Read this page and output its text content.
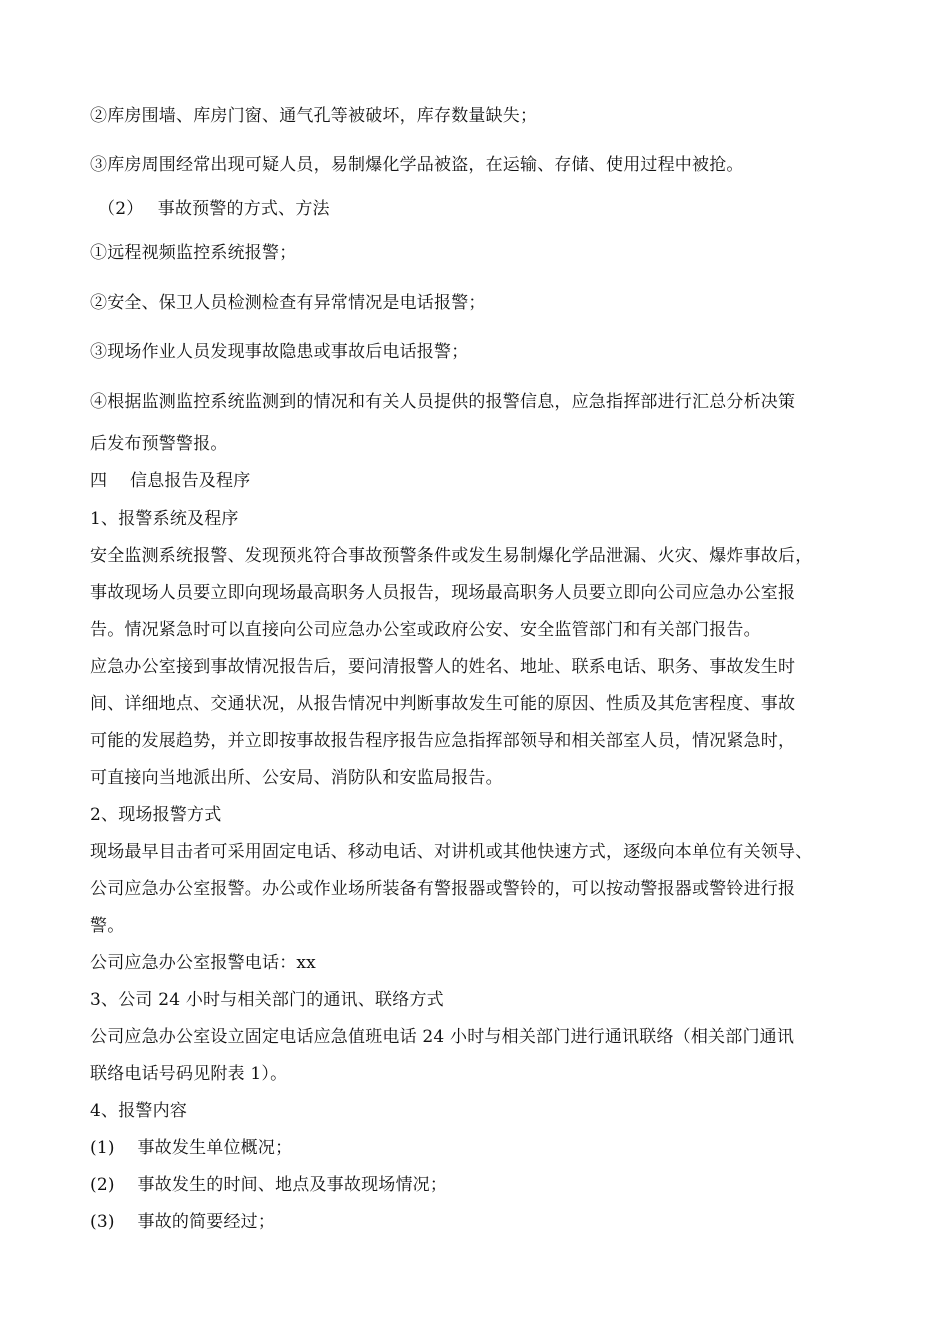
②库房围墙、库房门窗、通气孔等被破坏，库存数量缺失；
③库房周围经常出现可疑人员，易制爆化学品被盗，在运输、存储、使用过程中被抢。
（2）　 事故预警的方式、方法
①远程视频监控系统报警；
②安全、保卫人员检测检查有异常情况是电话报警；
③现场作业人员发现事故隐患或事故后电话报警；
④根据监测监控系统监测到的情况和有关人员提供的报警信息，应急指挥部进行汇总分析决策
后发布预警警报。
四　 信息报告及程序
1、报警系统及程序
安全监测系统报警、发现预兆符合事故预警条件或发生易制爆化学品泄漏、火灾、爆炸事故后，
事故现场人员要立即向现场最高职务人员报告，现场最高职务人员要立即向公司应急办公室报
告。情况紧急时可以直接向公司应急办公室或政府公安、安全监管部门和有关部门报告。
应急办公室接到事故情况报告后，要问清报警人的姓名、地址、联系电话、职务、事故发生时
间、详细地点、交通状况，从报告情况中判断事故发生可能的原因、性质及其危害程度、事故
可能的发展趋势，并立即按事故报告程序报告应急指挥部领导和相关部室人员，情况紧急时，
可直接向当地派出所、公安局、消防队和安监局报告。
2、现场报警方式
现场最早目击者可采用固定电话、移动电话、对讲机或其他快速方式，逐级向本单位有关领导、
公司应急办公室报警。办公或作业场所装备有警报器或警铃的，可以按动警报器或警铃进行报
警。
公司应急办公室报警电话：xx
3、公司 24 小时与相关部门的通讯、联络方式
公司应急办公室设立固定电话应急值班电话 24 小时与相关部门进行通讯联络（相关部门通讯
联络电话号码见附表 1）。
4、报警内容
(1)　 事故发生单位概况；
(2)　 事故发生的时间、地点及事故现场情况；
(3)　 事故的简要经过；
